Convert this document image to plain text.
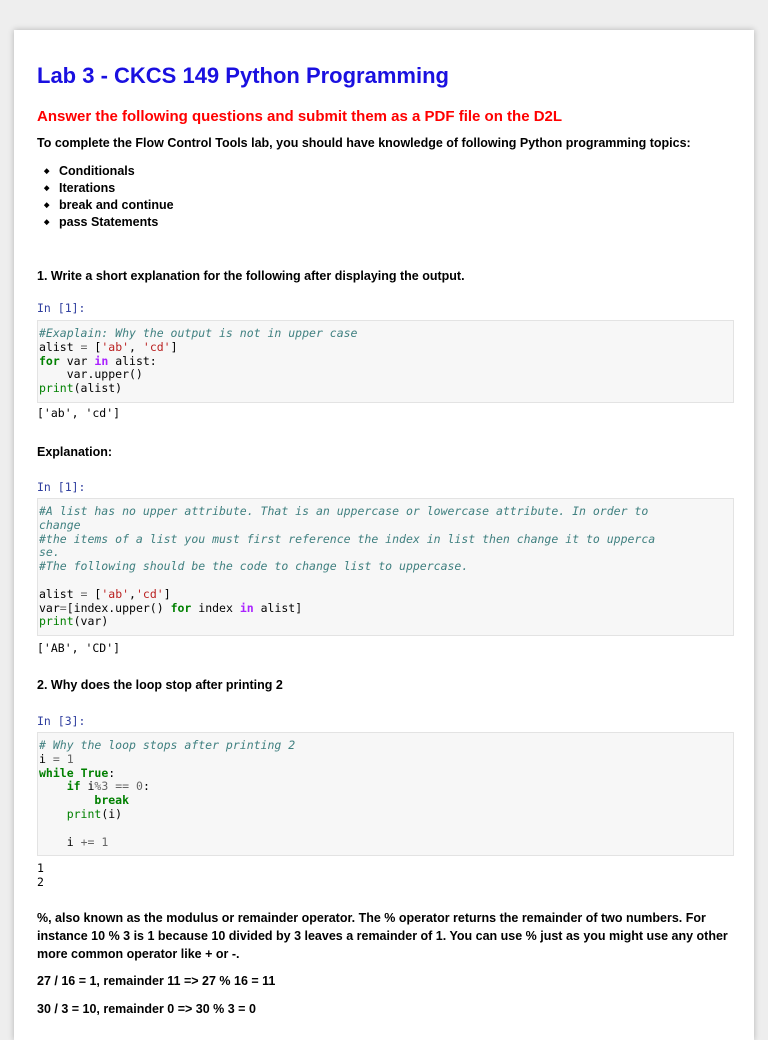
Lab 3 - CKCS 149 Python Programming
Answer the following questions and submit them as a PDF file on the D2L
To complete the Flow Control Tools lab, you should have knowledge of following Python programming topics:
◆ Conditionals
◆ Iterations
◆ break and continue
◆ pass Statements
1. Write a short explanation for the following after displaying the output.
In [1]:
#Exaplain: Why the output is not in upper case
alist = ['ab', 'cd']
for var in alist:
var.upper()
print(alist)
['ab', 'cd']
Explanation:
In [1]:
#A list has no upper attribute. That is an uppercase or lowercase attribute. In order to
change
#the items of a list you must first reference the index in list then change it to upperca
se.
#The following should be the code to change list to uppercase.

alist = ['ab','cd']
var=[index.upper() for index in alist]
print(var)
['AB', 'CD']
2. Why does the loop stop after printing 2
In [3]:
# Why the loop stops after printing 2
i = 1
while True:
if i%3 == 0:
break
print(i)

i += 1
1
2
%, also known as the modulus or remainder operator. The % operator returns the remainder of two numbers. For instance 10 % 3 is 1 because 10 divided by 3 leaves a remainder of 1. You can use % just as you might use any other more common operator like + or -.
27 / 16 = 1, remainder 11 => 27 % 16 = 11
30 / 3 = 10, remainder 0 => 30 % 3 = 0
